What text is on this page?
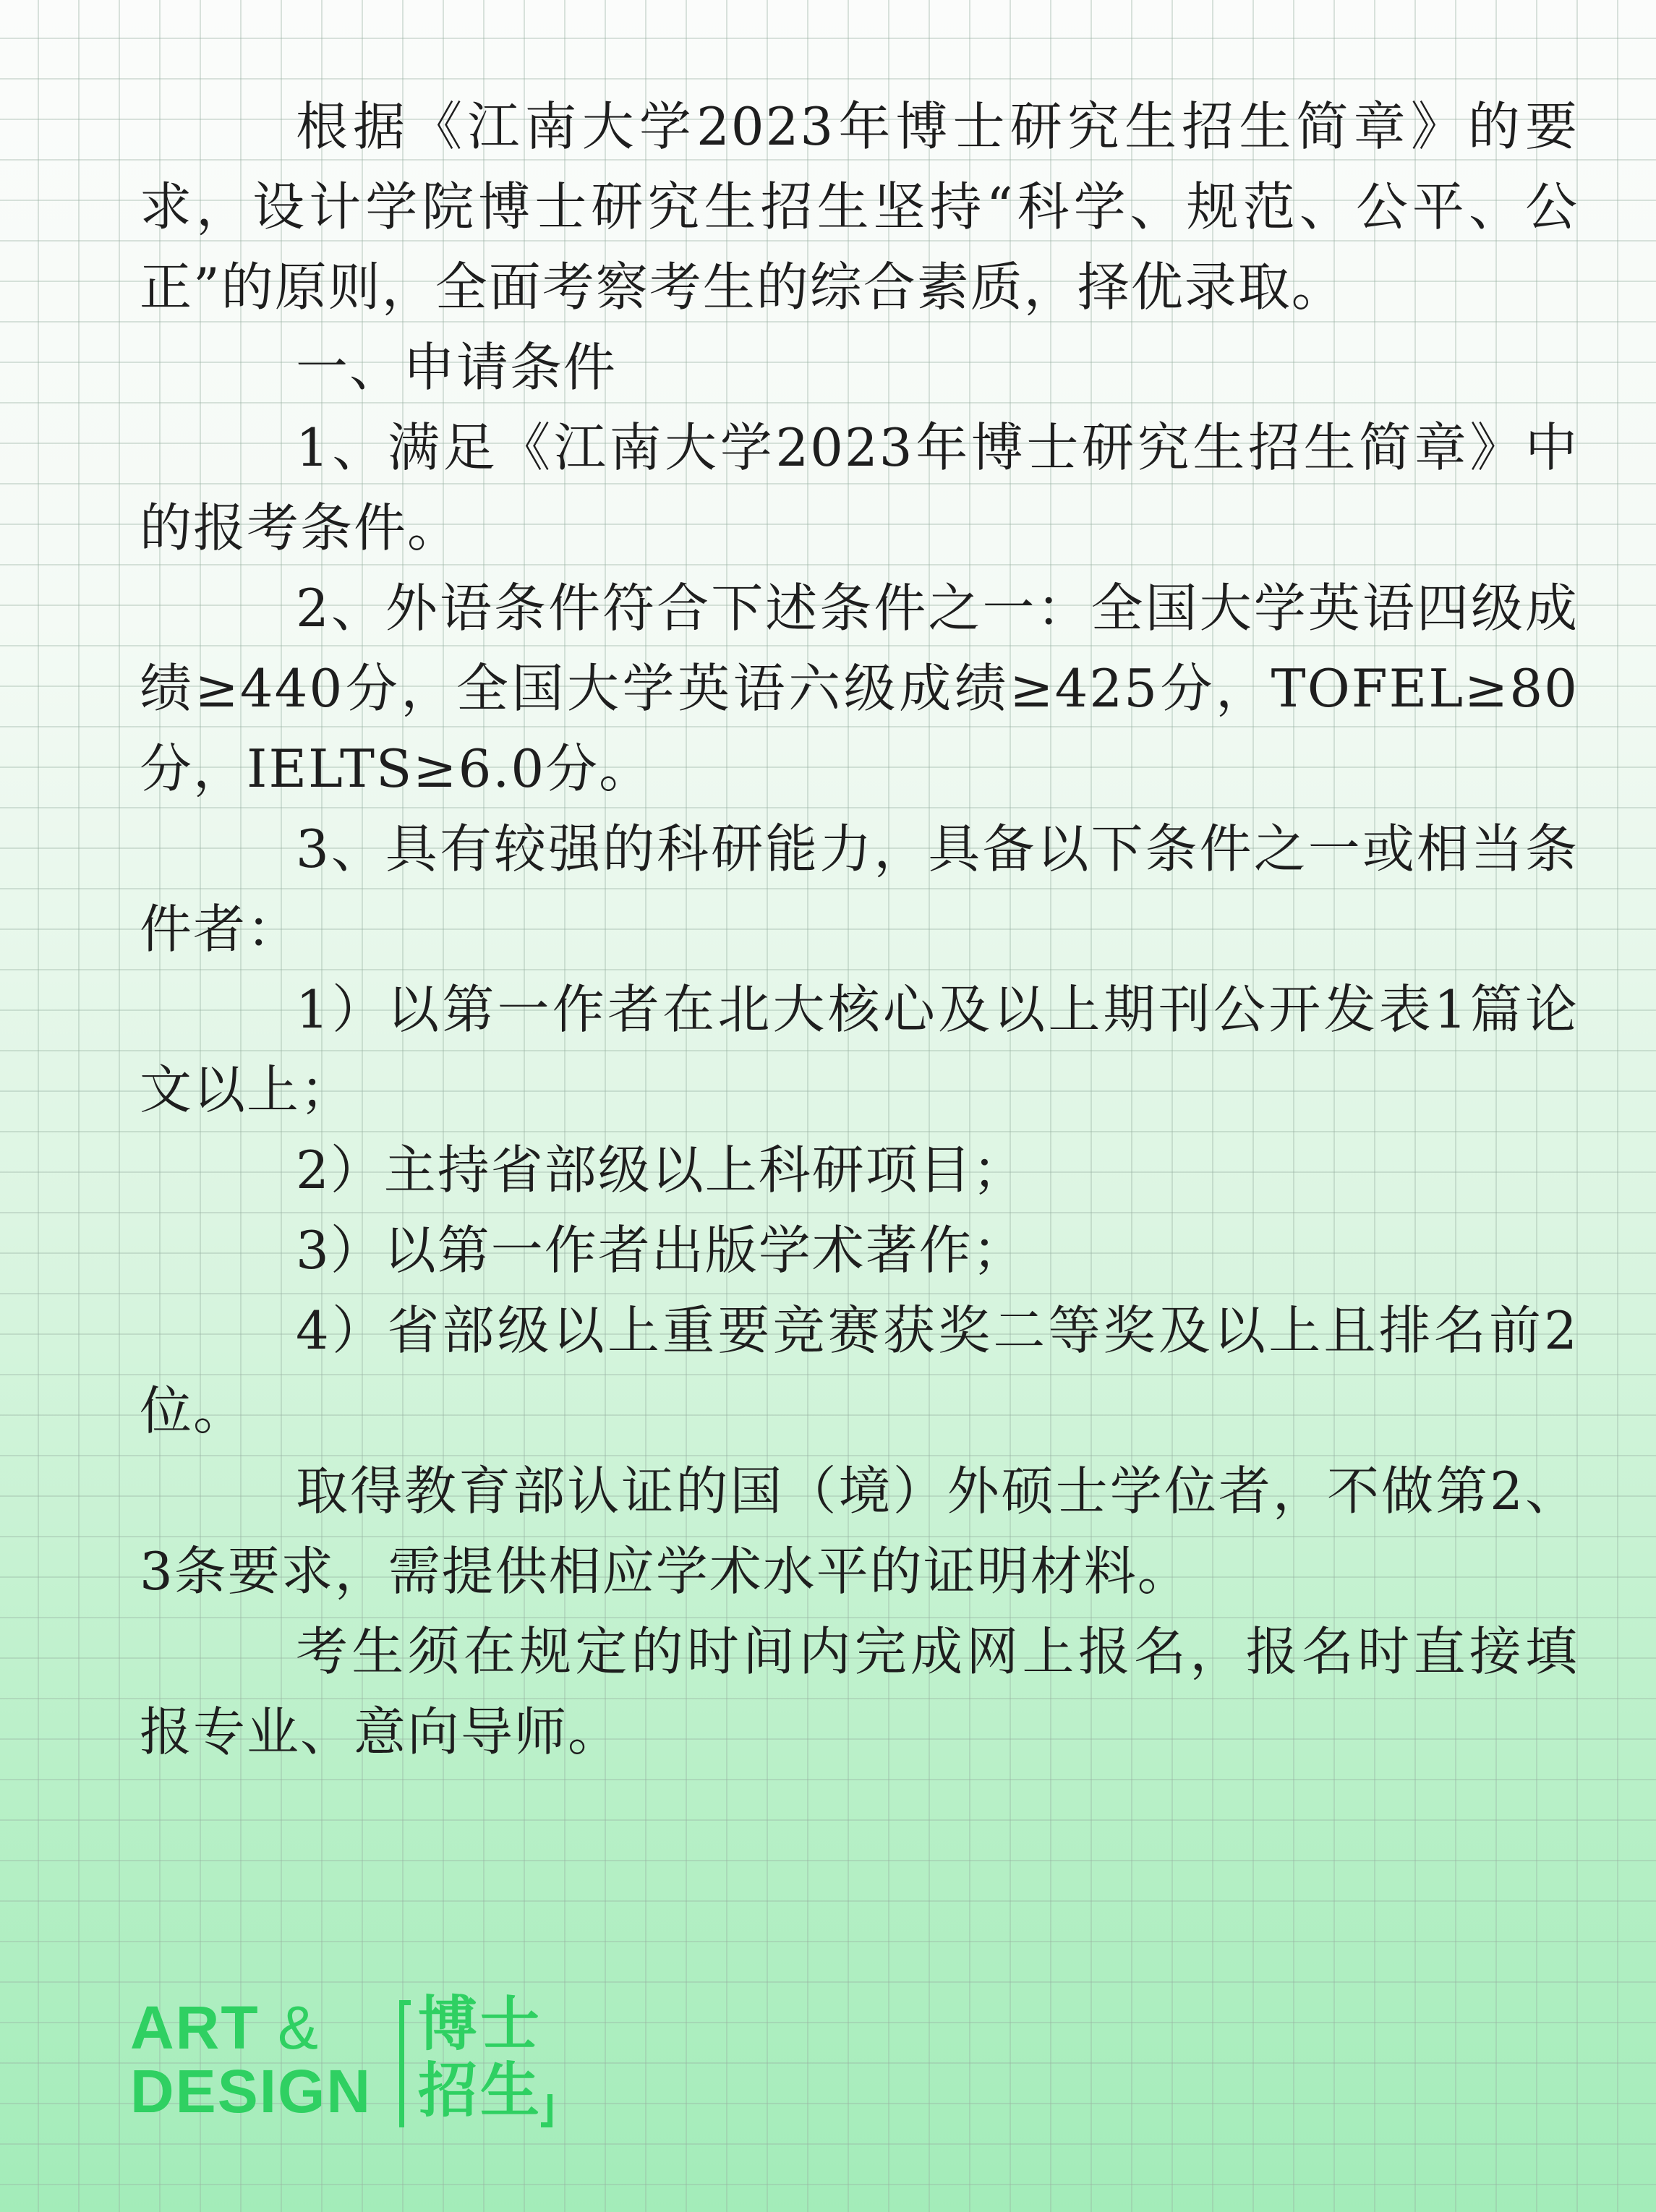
根据《江南大学2023年博士研究生招生简章》的要求，设计学院博士研究生招生坚持“科学、规范、公平、公正”的原则，全面考察考生的综合素质，择优录取。

一、申请条件

1、满足《江南大学2023年博士研究生招生简章》中的报考条件。

2、外语条件符合下述条件之一：全国大学英语四级成绩≥440分，全国大学英语六级成绩≥425分，TOFEL≥80分，IELTS≥6.0分。

3、具有较强的科研能力，具备以下条件之一或相当条件者：

1）以第一作者在北大核心及以上期刊公开发表1篇论文以上；

2）主持省部级以上科研项目；

3）以第一作者出版学术著作；

4）省部级以上重要竞赛获奖二等奖及以上且排名前2位。

取得教育部认证的国（境）外硕士学位者，不做第2、3条要求，需提供相应学术水平的证明材料。

考生须在规定的时间内完成网上报名，报名时直接填报专业、意向导师。

ART &
DESIGN
博士
招生
